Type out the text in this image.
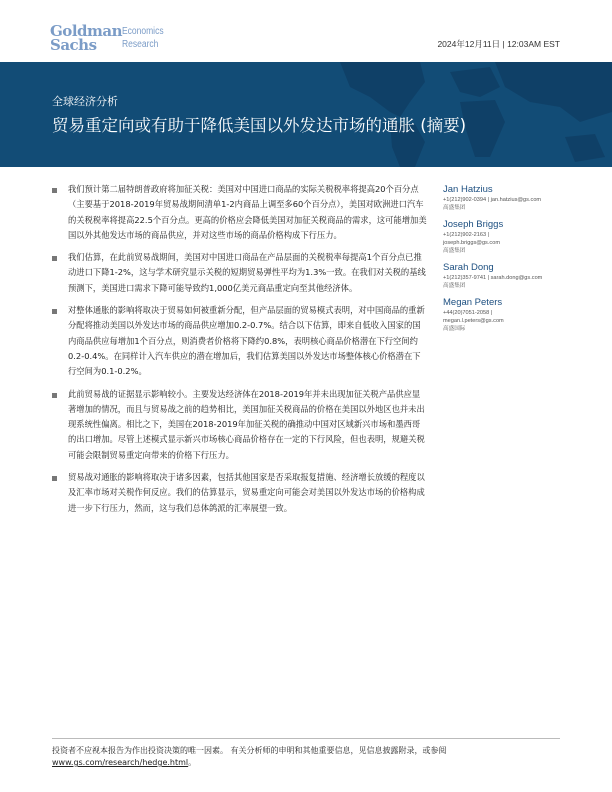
Goldman
Sachs
Economics
Research	2024年12月11日 | 12:03AM EST
全球经济分析
贸易重定向或有助于降低美国以外发达市场的通胀 (摘要)
我们预计第二届特朗普政府将加征关税：美国对中国进口商品的实际关税税率将提高20个百分点（主要基于2018-2019年贸易战期间清单1-2内商品上调至多60个百分点），美国对欧洲进口汽车的关税税率将提高22.5个百分点。更高的价格应会降低美国对加征关税商品的需求，这可能增加美国以外其他发达市场的商品供应，并对这些市场的商品价格构成下行压力。
我们估算，在此前贸易战期间，美国对中国进口商品在产品层面的关税税率每提高1个百分点已推动进口下降1-2%，这与学术研究显示关税的短期贸易弹性平均为1.3%一致。在我们对关税的基线预测下，美国进口需求下降可能导致约1,000亿美元商品重定向至其他经济体。
对整体通胀的影响将取决于贸易如何被重新分配，但产品层面的贸易模式表明，对中国商品的重新分配将推动美国以外发达市场的商品供应增加0.2-0.7%。结合以下估算，即来自低收入国家的国内商品供应每增加1个百分点，则消费者价格将下降约0.8%，表明核心商品价格潜在下行空间约0.2-0.4%。在同样计入汽车供应的潜在增加后，我们估算美国以外发达市场整体核心价格潜在下行空间为0.1-0.2%。
此前贸易战的证据显示影响较小。主要发达经济体在2018-2019年并未出现加征关税产品供应显著增加的情况，而且与贸易战之前的趋势相比，美国加征关税商品的价格在美国以外地区也并未出现系统性偏离。相比之下，美国在2018-2019年加征关税的确推动中国对区域新兴市场和墨西哥的出口增加。尽管上述模式显示新兴市场核心商品价格存在一定的下行风险，但也表明，规避关税可能会限制贸易重定向带来的价格下行压力。
贸易战对通胀的影响将取决于诸多因素，包括其他国家是否采取报复措施、经济增长放缓的程度以及汇率市场对关税作何反应。我们的估算显示，贸易重定向可能会对美国以外发达市场的价格构成进一步下行压力，然而，这与我们总体鸽派的汇率展望一致。
Jan Hatzius
+1(212)902-0394 | jan.hatzius@gs.com
高盛集团
Joseph Briggs
+1(212)902-2163 | joseph.briggs@gs.com
高盛集团
Sarah Dong
+1(212)357-9741 | sarah.dong@gs.com
高盛集团
Megan Peters
+44(20)7051-2058 | megan.l.peters@gs.com
高盛国际
投资者不应视本报告为作出投资决策的唯一因素。 有关分析师的申明和其他重要信息，见信息披露附录，或参阅
www.gs.com/research/hedge.html。
